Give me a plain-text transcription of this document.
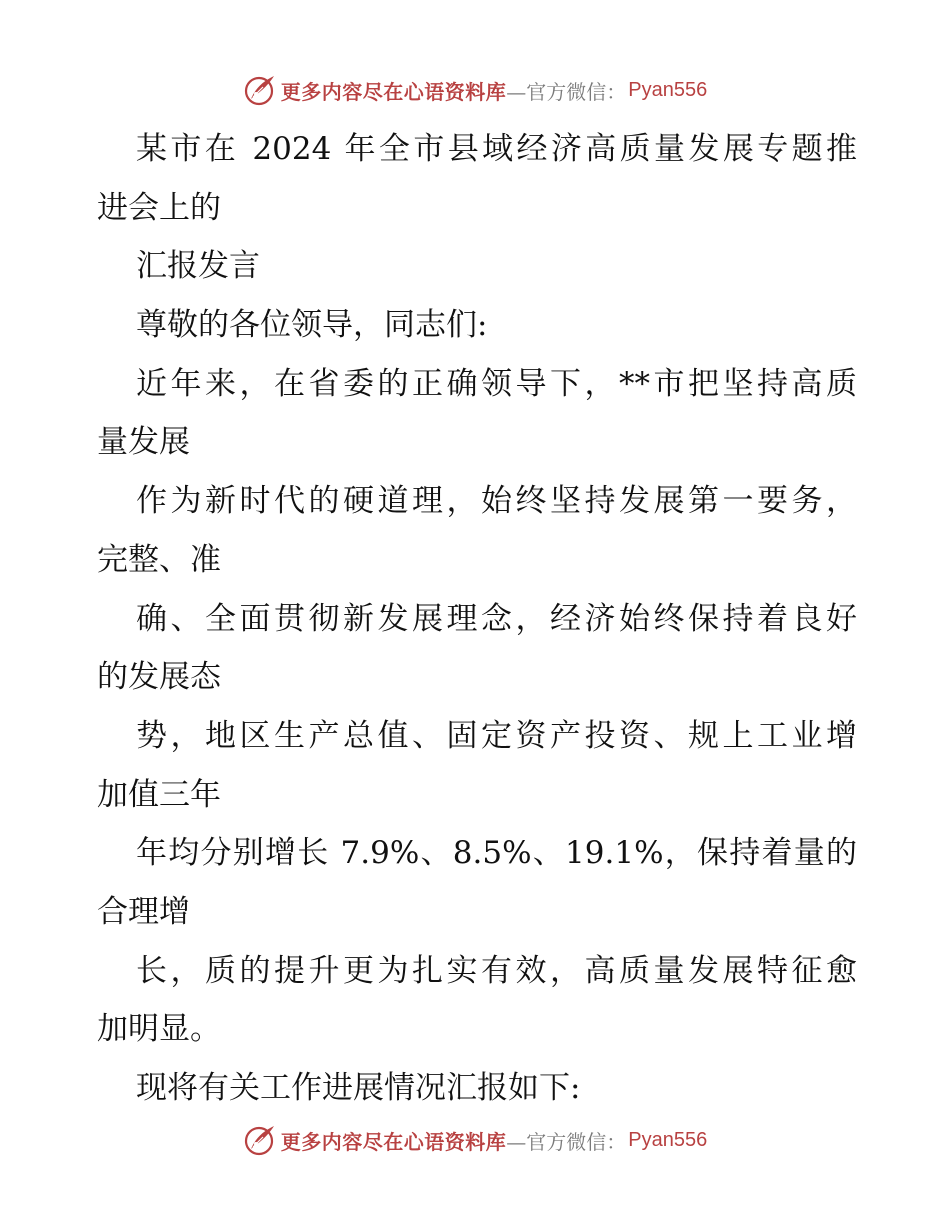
更多内容尽在心语资料库 —官方微信： Pyan556
某市在 2024 年全市县域经济高质量发展专题推
进会上的
汇报发言
尊敬的各位领导，同志们:
近年来，在省委的正确领导下，**市把坚持高质
量发展
作为新时代的硬道理，始终坚持发展第一要务，
完整、准
确、全面贯彻新发展理念，经济始终保持着良好
的发展态
势，地区生产总值、固定资产投资、规上工业增
加值三年
年均分别增长 7.9%、8.5%、19.1%，保持着量的
合理增
长，质的提升更为扎实有效，高质量发展特征愈
加明显。
现将有关工作进展情况汇报如下:
更多内容尽在心语资料库 —官方微信： Pyan556
